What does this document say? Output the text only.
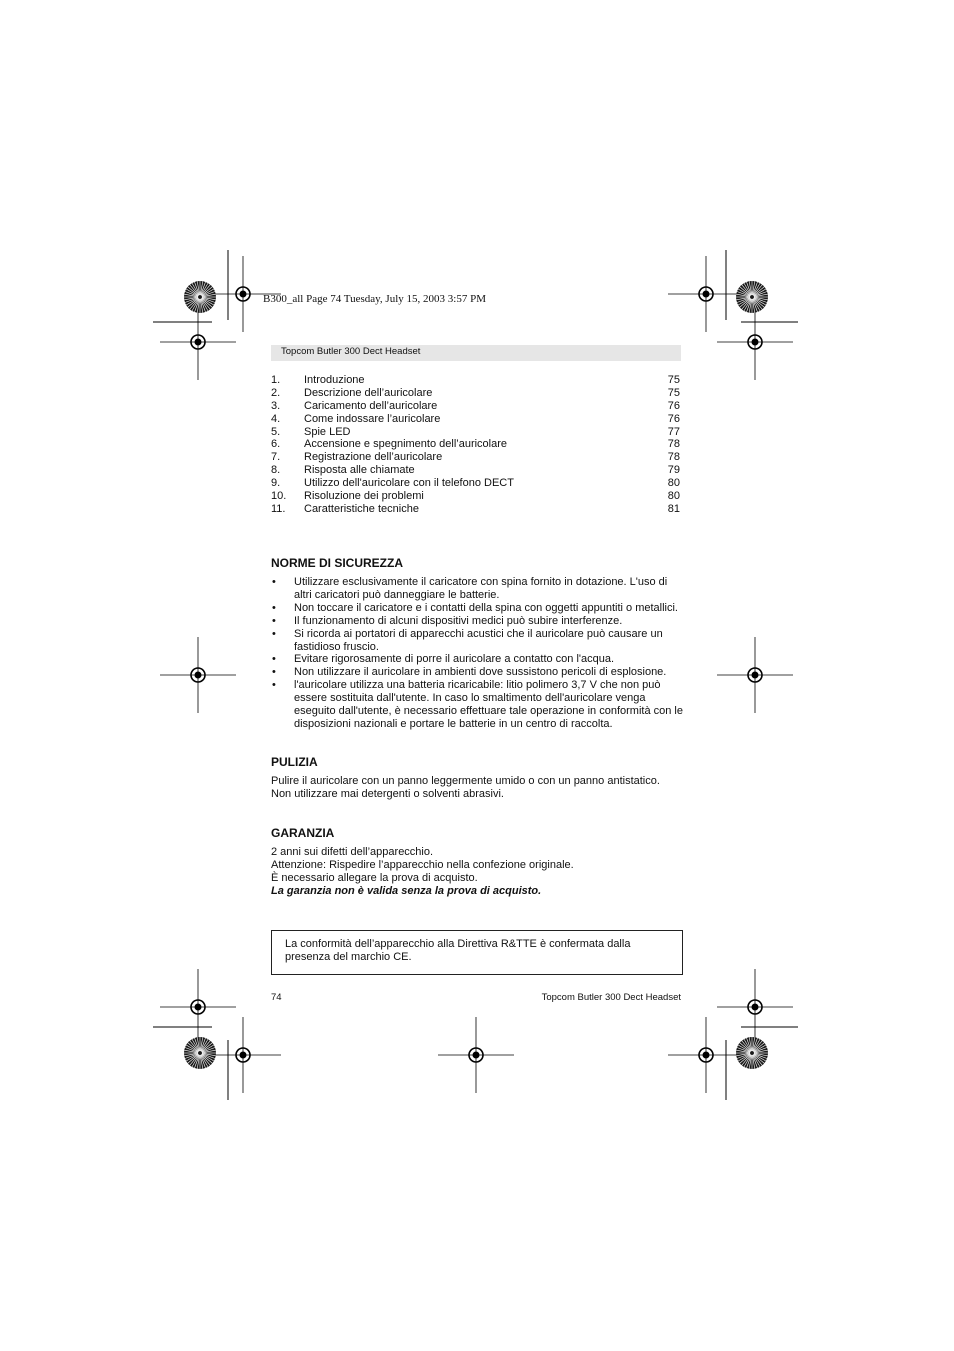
B300_all Page 74 Tuesday, July 15, 2003 3:57 PM
Topcom Butler 300 Dect Headset
1. Introduzione	75
2. Descrizione dell’auricolare	75
3. Caricamento dell’auricolare	76
4. Come indossare l’auricolare	76
5. Spie LED	77
6. Accensione e spegnimento dell’auricolare	78
7. Registrazione dell’auricolare	78
8. Risposta alle chiamate	79
9. Utilizzo dell'auricolare con il telefono DECT	80
10. Risoluzione dei problemi	80
11. Caratteristiche tecniche	81
NORME DI SICUREZZA
• Utilizzare esclusivamente il caricatore con spina fornito in dotazione. L'uso di altri caricatori può danneggiare le batterie.
• Non toccare il caricatore e i contatti della spina con oggetti appuntiti o metallici.
• Il funzionamento di alcuni dispositivi medici può subire interferenze.
• Si ricorda ai portatori di apparecchi acustici che il auricolare può causare un fastidioso fruscio.
• Evitare rigorosamente di porre il auricolare a contatto con l'acqua.
• Non utilizzare il auricolare in ambienti dove sussistono pericoli di esplosione.
• l'auricolare utilizza una batteria ricaricabile: litio polimero 3,7 V che non può essere sostituita dall'utente. In caso lo smaltimento dell'auricolare venga eseguito dall'utente, è necessario effettuare tale operazione in conformità con le disposizioni nazionali e portare le batterie in un centro di raccolta.
PULIZIA
Pulire il auricolare con un panno leggermente umido o con un panno antistatico.
Non utilizzare mai detergenti o solventi abrasivi.
GARANZIA
2 anni sui difetti dell’apparecchio.
Attenzione: Rispedire l’apparecchio nella confezione originale.
È necessario allegare la prova di acquisto.
La garanzia non è valida senza la prova di acquisto.
La conformità dell’apparecchio alla Direttiva R&TTE è confermata dalla presenza del marchio CE.
74	Topcom Butler 300 Dect Headset
